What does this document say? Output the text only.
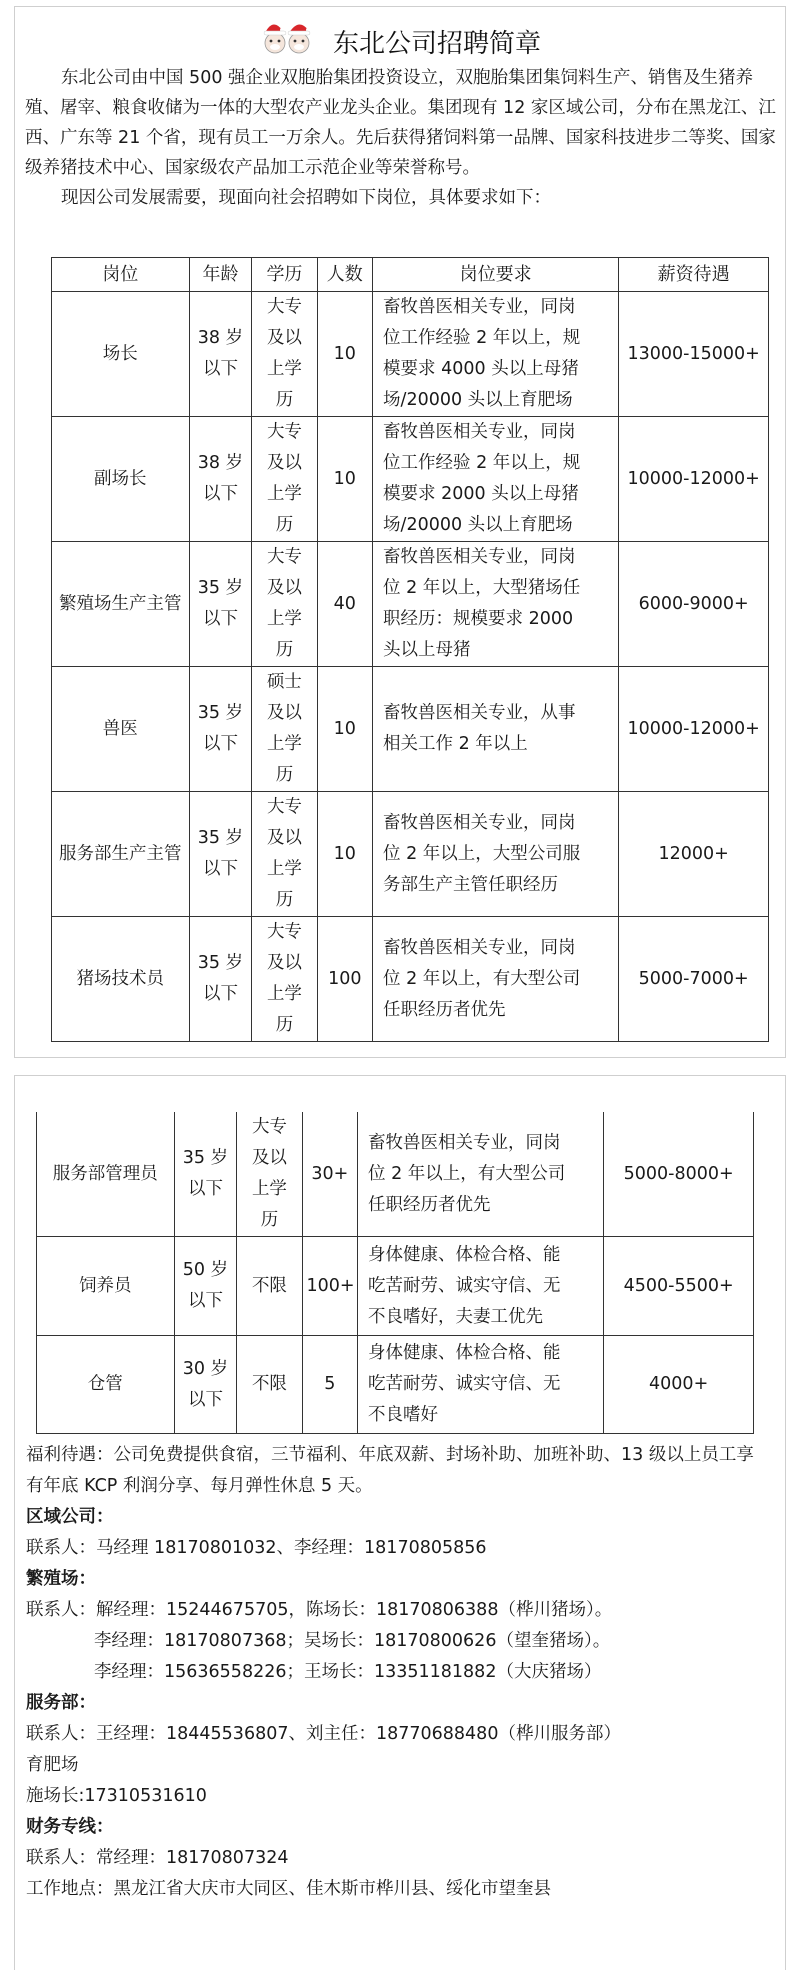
东北公司招聘简章

东北公司由中国 500 强企业双胞胎集团投资设立，双胞胎集团集饲料生产、销售及生猪养殖、屠宰、粮食收储为一体的大型农产业龙头企业。集团现有 12 家区域公司，分布在黑龙江、江西、广东等 21 个省，现有员工一万余人。先后获得猪饲料第一品牌、国家科技进步二等奖、国家级养猪技术中心、国家级农产品加工示范企业等荣誉称号。

现因公司发展需要，现面向社会招聘如下岗位，具体要求如下：

岗位	年龄	学历	人数	岗位要求	薪资待遇
场长	38 岁
以下	大专
及以
上学
历	10	畜牧兽医相关专业，同岗
位工作经验 2 年以上，规
模要求 4000 头以上母猪
场/20000 头以上育肥场	13000-15000+
副场长	38 岁
以下	大专
及以
上学
历	10	畜牧兽医相关专业，同岗
位工作经验 2 年以上，规
模要求 2000 头以上母猪
场/20000 头以上育肥场	10000-12000+
繁殖场生产主管	35 岁
以下	大专
及以
上学
历	40	畜牧兽医相关专业，同岗
位 2 年以上，大型猪场任
职经历：规模要求 2000
头以上母猪	6000-9000+
兽医	35 岁
以下	硕士
及以
上学
历	10	畜牧兽医相关专业，从事
相关工作 2 年以上	10000-12000+
服务部生产主管	35 岁
以下	大专
及以
上学
历	10	畜牧兽医相关专业，同岗
位 2 年以上，大型公司服
务部生产主管任职经历	12000+
猪场技术员	35 岁
以下	大专
及以
上学
历	100	畜牧兽医相关专业，同岗
位 2 年以上，有大型公司
任职经历者优先	5000-7000+
服务部管理员	35 岁
以下	大专
及以
上学
历	30+	畜牧兽医相关专业，同岗
位 2 年以上，有大型公司
任职经历者优先	5000-8000+
饲养员	50 岁
以下	不限	100+	身体健康、体检合格、能
吃苦耐劳、诚实守信、无
不良嗜好，夫妻工优先	4500-5500+
仓管	30 岁
以下	不限	5	身体健康、体检合格、能
吃苦耐劳、诚实守信、无
不良嗜好	4000+
福利待遇：公司免费提供食宿，三节福利、年底双薪、封场补助、加班补助、13 级以上员工享
有年底 KCP 利润分享、每月弹性休息 5 天。
区域公司：
联系人：马经理 18170801032、李经理：18170805856
繁殖场：
联系人：解经理：15244675705，陈场长：18170806388（桦川猪场）。
李经理：18170807368；吴场长：18170800626（望奎猪场）。
李经理：15636558226；王场长：13351181882（大庆猪场）
服务部：
联系人：王经理：18445536807、刘主任：18770688480（桦川服务部）
育肥场
施场长:17310531610
财务专线：
联系人：常经理：18170807324
工作地点：黑龙江省大庆市大同区、佳木斯市桦川县、绥化市望奎县
